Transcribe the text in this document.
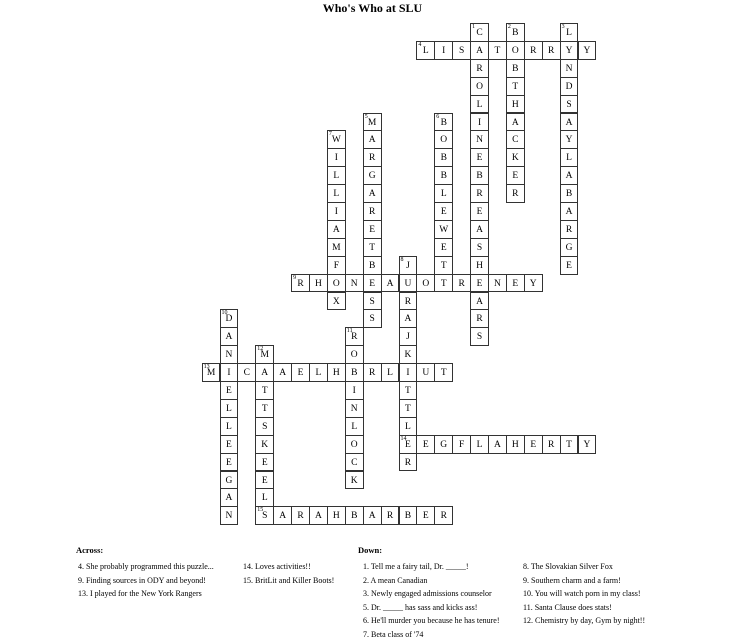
Who's Who at SLU
C
1
A
R
O
L
I
N
E
B
R
E
A
S
H
E
A
R
S
B
2
O
B
T
H
A
C
K
E
R
L
3
Y
N
D
S
A
Y
L
A
B
A
R
G
E
L
4
I	S	T	R	R	Y
M
5
A
R
G
A
R
E
T
B
E
S
S
B
6
O
B
B
L
E
W
E
T
T
W
7
I
L
L
I
A
M
F
O
X
J
8
U
R
A
J
K
I
T
T
L
E
14
R
R
9
H	N	A	O	R	N	E	Y
D
10
A
N
I
E
L
L
E
E
G
A
N
R
11
O
B
I
N
L
O
C
K
M
12
A
T
T
S
K
E
E
L
S
15
M
13
C	A	E	L	H	R	L	U	T
E	G	F	L	A	H	E	R	T	Y
A	R	A	H	B	A	R	B	E	R
Across:	Down:
4. She probably programmed this puzzle...
9. Finding sources in ODY and beyond!
13. I played for the New York Rangers
14. Loves activities!!
15. BritLit and Killer Boots!
1. Tell me a fairy tail, Dr. _____!
2. A mean Canadian
3. Newly engaged admissions counselor
5. Dr. _____ has sass and kicks ass!
6. He'll murder you because he has tenure!
7. Beta class of '74
8. The Slovakian Silver Fox
9. Southern charm and a farm!
10. You will watch porn in my class!
11. Santa Clause does stats!
12. Chemistry by day, Gym by night!!
